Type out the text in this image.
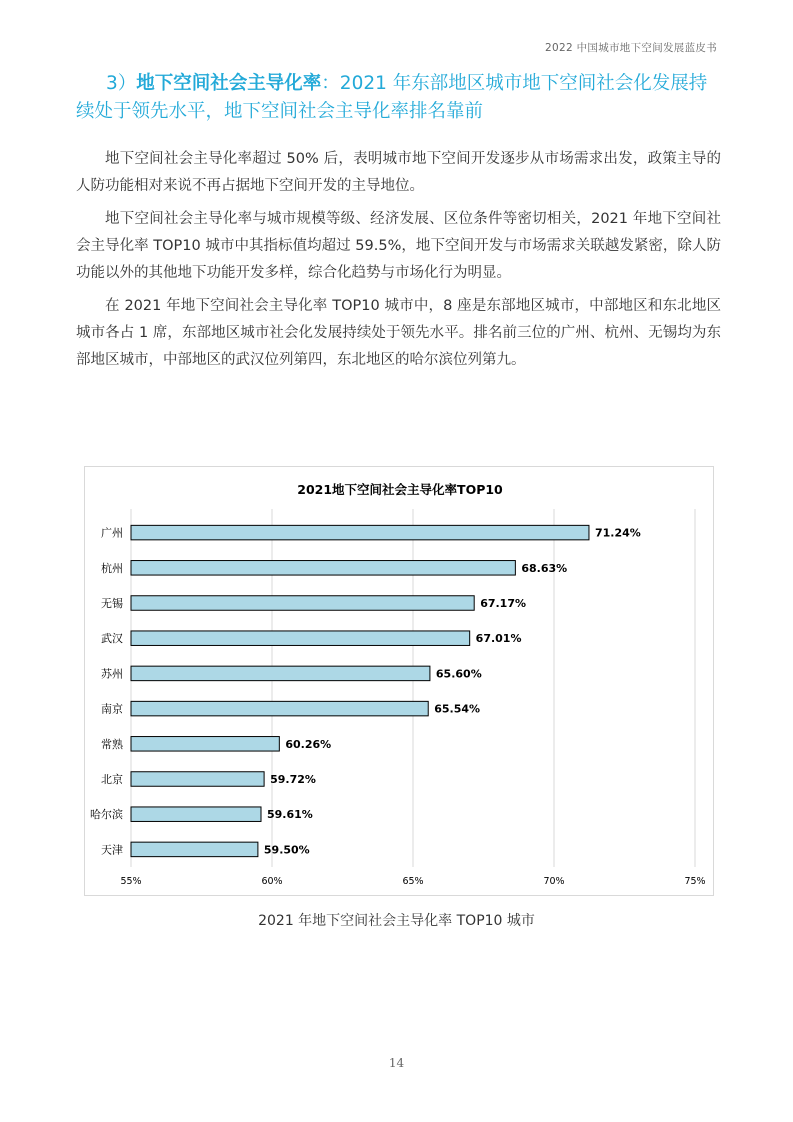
2022 中国城市地下空间发展蓝皮书
3）地下空间社会主导化率：2021 年东部地区城市地下空间社会化发展持续处于领先水平，地下空间社会主导化率排名靠前

地下空间社会主导化率超过 50% 后，表明城市地下空间开发逐步从市场需求出发，政策主导的人防功能相对来说不再占据地下空间开发的主导地位。

地下空间社会主导化率与城市规模等级、经济发展、区位条件等密切相关，2021 年地下空间社会主导化率 TOP10 城市中其指标值均超过 59.5%，地下空间开发与市场需求关联越发紧密，除人防功能以外的其他地下功能开发多样，综合化趋势与市场化行为明显。

在 2021 年地下空间社会主导化率 TOP10 城市中，8 座是东部地区城市，中部地区和东北地区城市各占 1 席，东部地区城市社会化发展持续处于领先水平。排名前三位的广州、杭州、无锡均为东部地区城市，中部地区的武汉位列第四，东北地区的哈尔滨位列第九。

2021地下空间社会主导化率TOP10
55%	60%	65%	70%	75%
广州	71.24%
杭州	68.63%
无锡	67.17%
武汉	67.01%
苏州	65.60%
南京	65.54%
常熟	60.26%
北京	59.72%
哈尔滨	59.61%
天津	59.50%
2021 年地下空间社会主导化率 TOP10 城市
14
